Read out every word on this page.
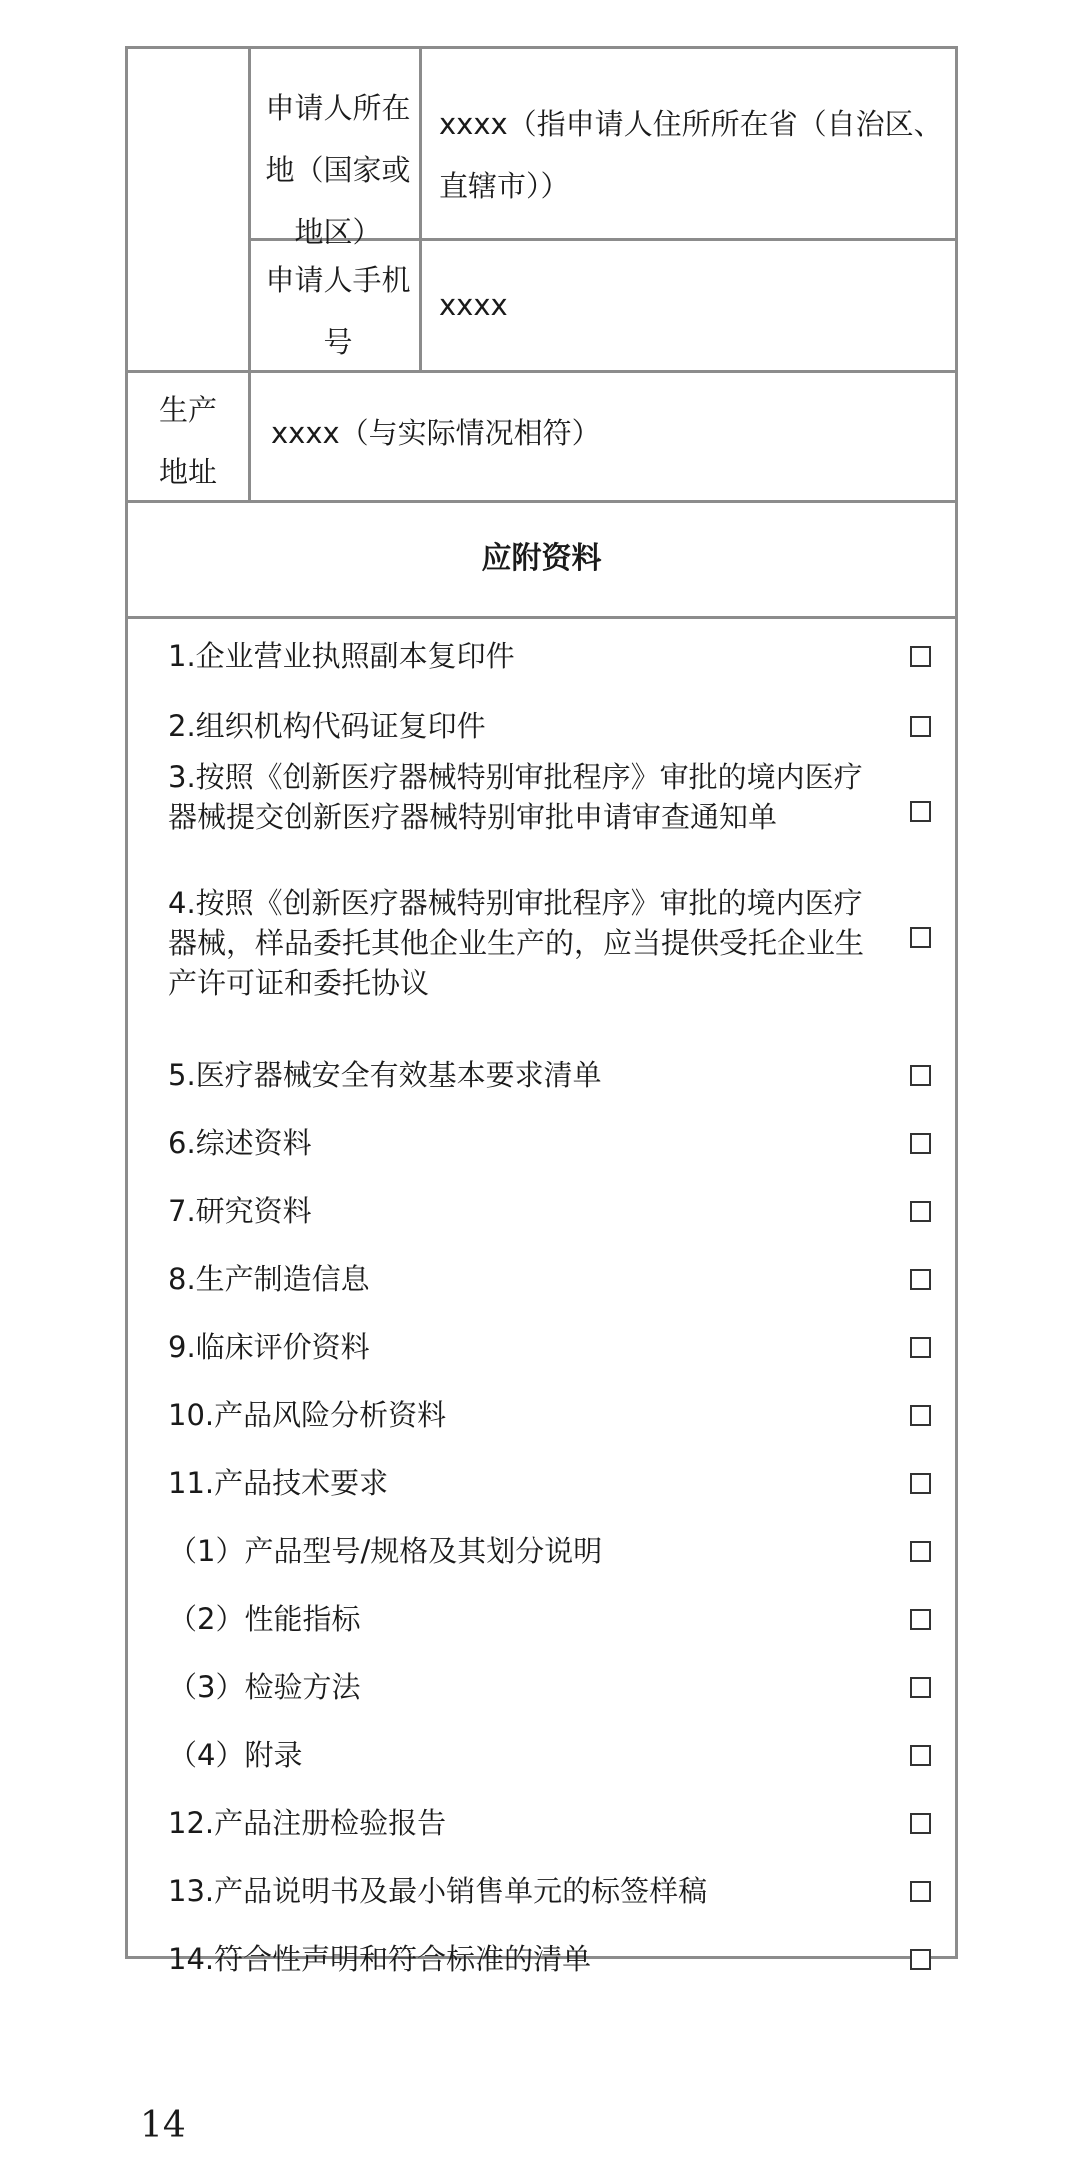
申请人所在地（国家或地区）
xxxx（指申请人住所所在省（自治区、直辖市））
申请人手机号
xxxx
生产地址
xxxx（与实际情况相符）
应附资料
1.企业营业执照副本复印件
2.组织机构代码证复印件
3.按照《创新医疗器械特别审批程序》审批的境内医疗器械提交创新医疗器械特别审批申请审查通知单
4.按照《创新医疗器械特别审批程序》审批的境内医疗器械，样品委托其他企业生产的，应当提供受托企业生产许可证和委托协议
5.医疗器械安全有效基本要求清单
6.综述资料
7.研究资料
8.生产制造信息
9.临床评价资料
10.产品风险分析资料
11.产品技术要求
（1）产品型号/规格及其划分说明
（2）性能指标
（3）检验方法
（4）附录
12.产品注册检验报告
13.产品说明书及最小销售单元的标签样稿
14.符合性声明和符合标准的清单
14
